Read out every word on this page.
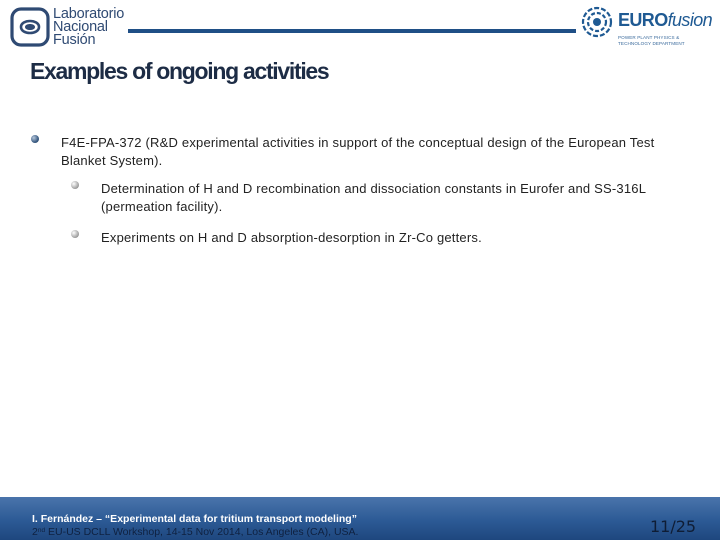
Laboratorio
Nacional
Fusión
EUROfusion
POWER PLANT PHYSICS &
TECHNOLOGY DEPARTMENT
Examples of ongoing activities
F4E-FPA-372 (R&D experimental activities in support of the conceptual design of the European Test Blanket System).
Determination of H and D recombination and dissociation constants in Eurofer and SS-316L (permeation facility).
Experiments on H and D absorption-desorption in Zr-Co getters.
I. Fernández – “Experimental data for tritium transport modeling”
2nd EU-US DCLL Workshop, 14-15 Nov 2014, Los Angeles (CA), USA.	11/25
